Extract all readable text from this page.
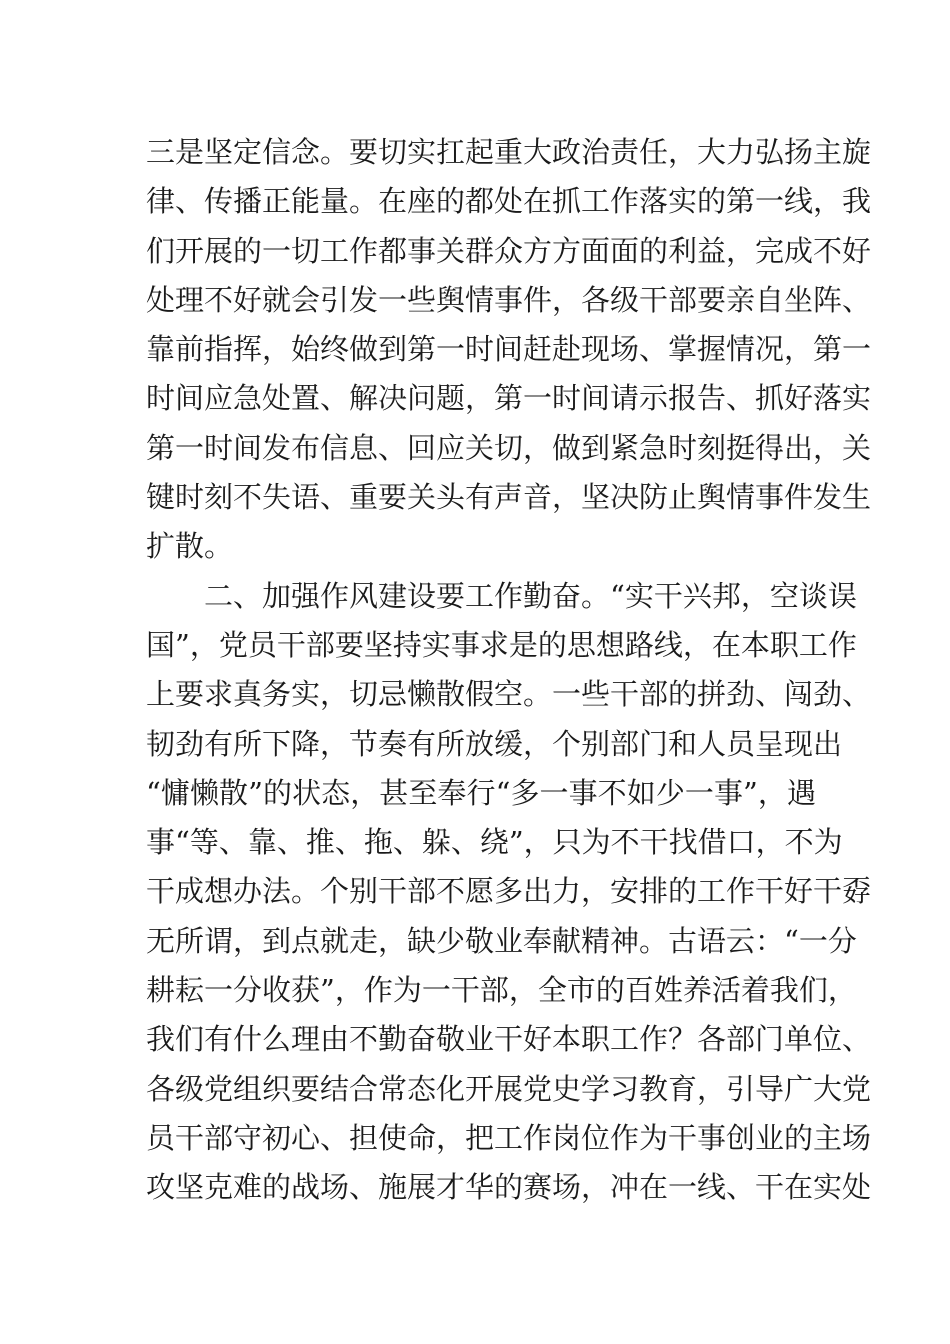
三是坚定信念。要切实扛起重大政治责任，大力弘扬主旋
律、传播正能量。在座的都处在抓工作落实的第一线，我
们开展的一切工作都事关群众方方面面的利益，完成不好
处理不好就会引发一些舆情事件，各级干部要亲自坐阵、
靠前指挥，始终做到第一时间赶赴现场、掌握情况，第一
时间应急处置、解决问题，第一时间请示报告、抓好落实
第一时间发布信息、回应关切，做到紧急时刻挺得出，关
键时刻不失语、重要关头有声音，坚决防止舆情事件发生
扩散。
　　二、加强作风建设要工作勤奋。“实干兴邦，空谈误
国”，党员干部要坚持实事求是的思想路线，在本职工作
上要求真务实，切忌懒散假空。一些干部的拼劲、闯劲、
韧劲有所下降，节奏有所放缓，个别部门和人员呈现出
“慵懒散”的状态，甚至奉行“多一事不如少一事”，遇
事“等、靠、推、拖、躲、绕”，只为不干找借口，不为
干成想办法。个别干部不愿多出力，安排的工作干好干孬
无所谓，到点就走，缺少敬业奉献精神。古语云：“一分
耕耘一分收获”，作为一干部，全市的百姓养活着我们，
我们有什么理由不勤奋敬业干好本职工作？各部门单位、
各级党组织要结合常态化开展党史学习教育，引导广大党
员干部守初心、担使命，把工作岗位作为干事创业的主场
攻坚克难的战场、施展才华的赛场，冲在一线、干在实处
